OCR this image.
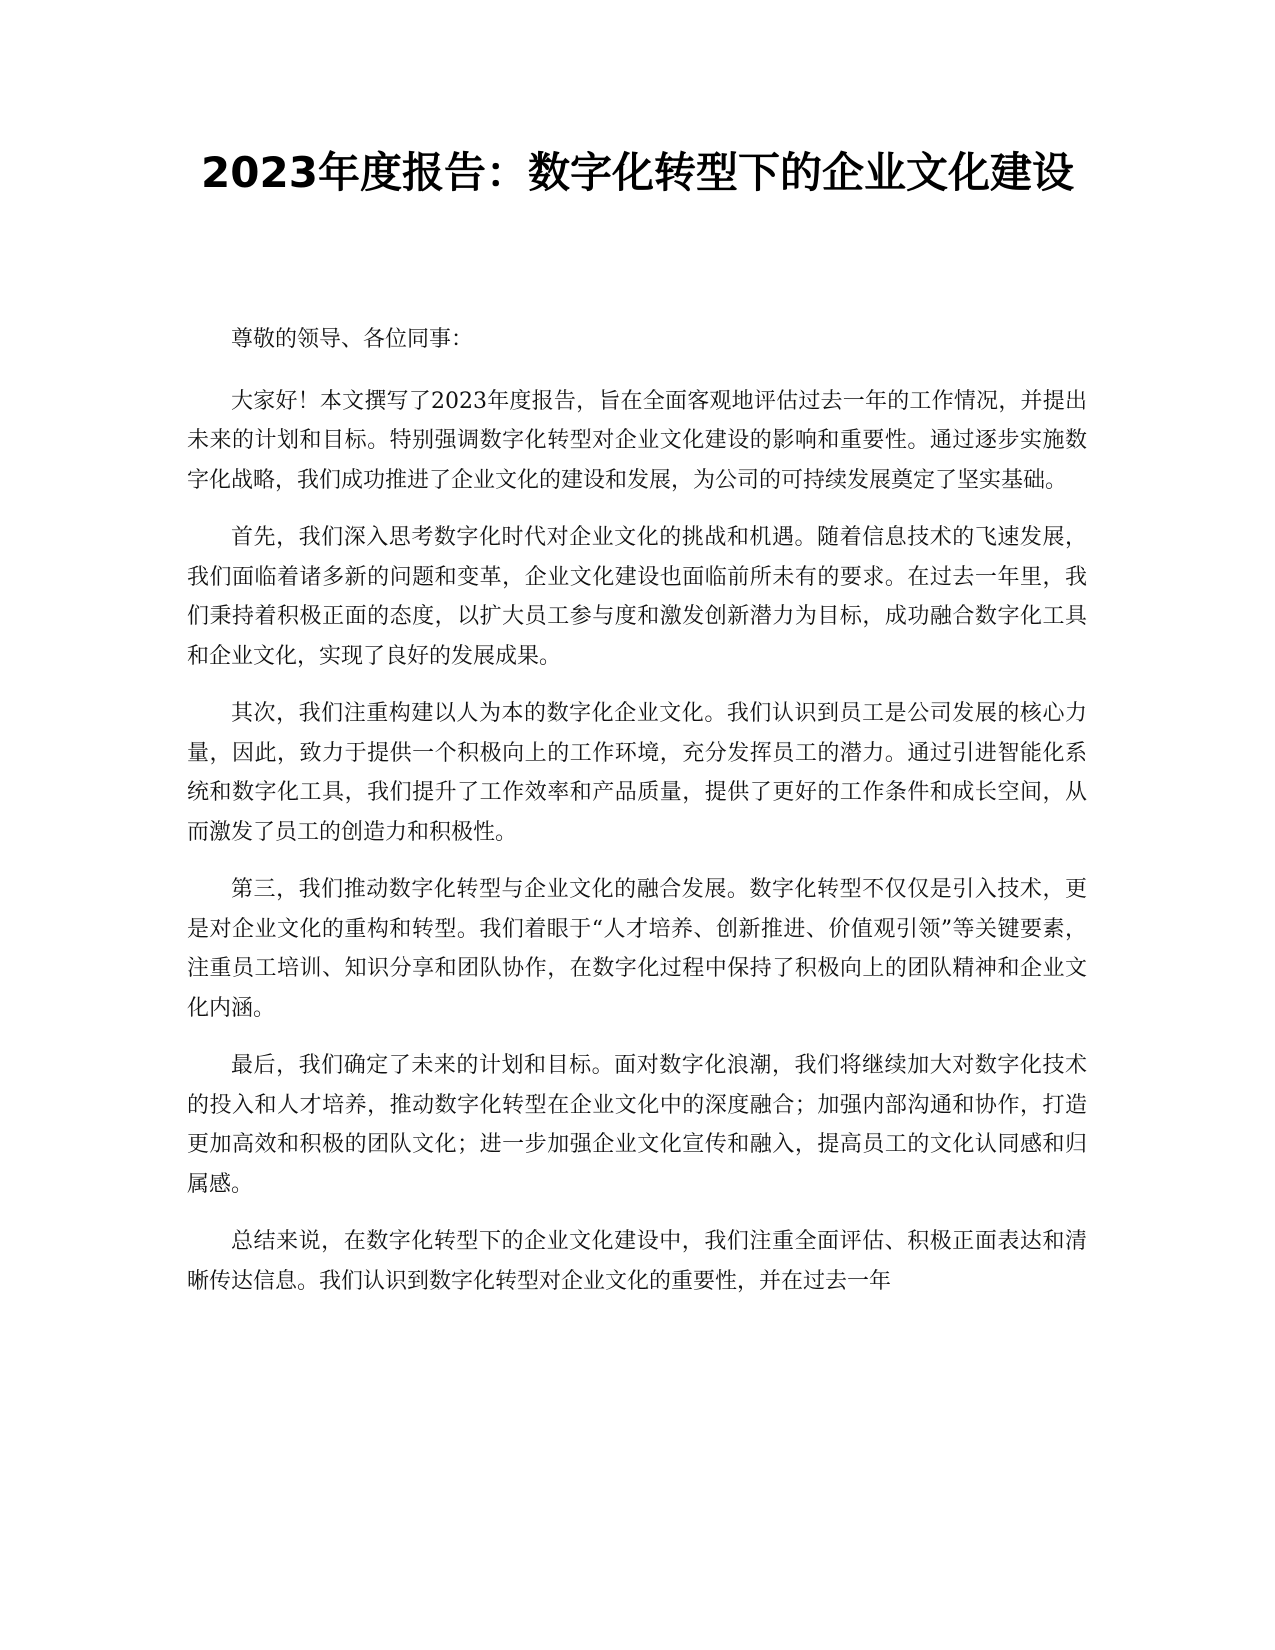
2023年度报告：数字化转型下的企业文化建设

尊敬的领导、各位同事：

大家好！本文撰写了2023年度报告，旨在全面客观地评估过去一年的工作情况，并提出未来的计划和目标。特别强调数字化转型对企业文化建设的影响和重要性。通过逐步实施数字化战略，我们成功推进了企业文化的建设和发展，为公司的可持续发展奠定了坚实基础。

首先，我们深入思考数字化时代对企业文化的挑战和机遇。随着信息技术的飞速发展，我们面临着诸多新的问题和变革，企业文化建设也面临前所未有的要求。在过去一年里，我们秉持着积极正面的态度，以扩大员工参与度和激发创新潜力为目标，成功融合数字化工具和企业文化，实现了良好的发展成果。

其次，我们注重构建以人为本的数字化企业文化。我们认识到员工是公司发展的核心力量，因此，致力于提供一个积极向上的工作环境，充分发挥员工的潜力。通过引进智能化系统和数字化工具，我们提升了工作效率和产品质量，提供了更好的工作条件和成长空间，从而激发了员工的创造力和积极性。

第三，我们推动数字化转型与企业文化的融合发展。数字化转型不仅仅是引入技术，更是对企业文化的重构和转型。我们着眼于“人才培养、创新推进、价值观引领”等关键要素，注重员工培训、知识分享和团队协作，在数字化过程中保持了积极向上的团队精神和企业文化内涵。

最后，我们确定了未来的计划和目标。面对数字化浪潮，我们将继续加大对数字化技术的投入和人才培养，推动数字化转型在企业文化中的深度融合；加强内部沟通和协作，打造更加高效和积极的团队文化；进一步加强企业文化宣传和融入，提高员工的文化认同感和归属感。

总结来说，在数字化转型下的企业文化建设中，我们注重全面评估、积极正面表达和清晰传达信息。我们认识到数字化转型对企业文化的重要性，并在过去一年
